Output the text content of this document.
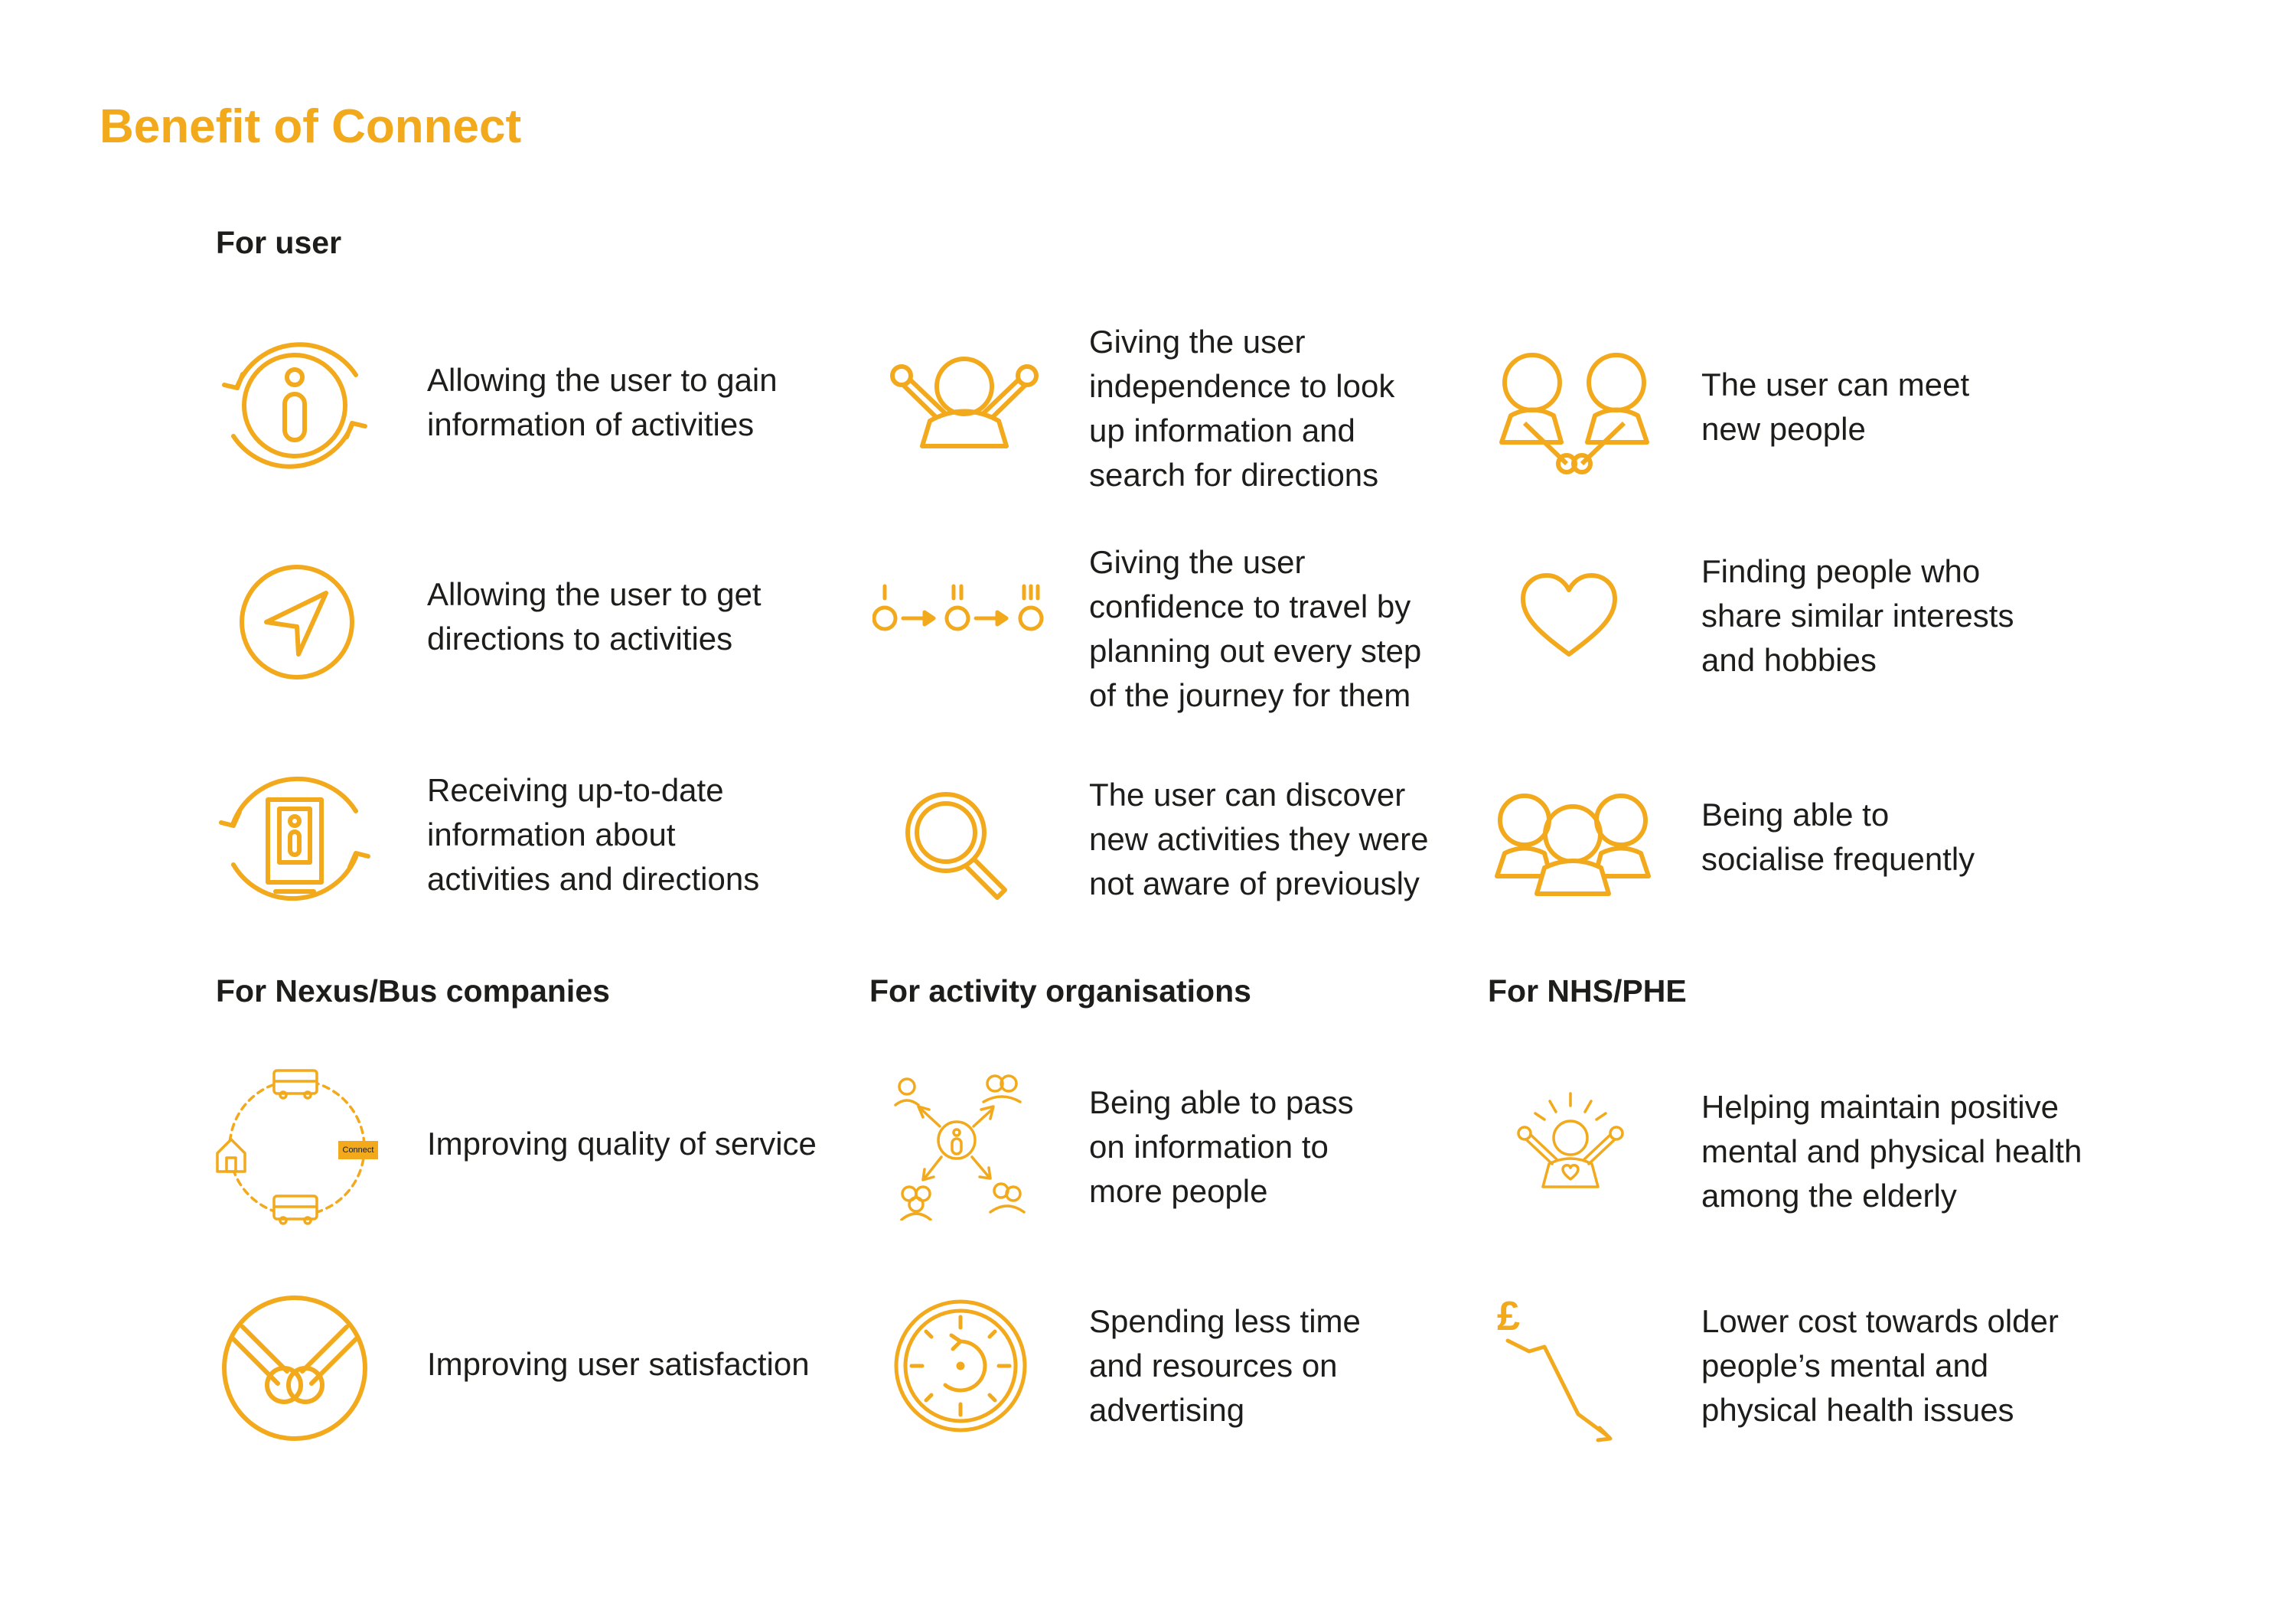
Benefit of Connect
For user
Allowing the user to gain
information of activities
Giving the user
independence to look
up information and
search for directions
The user can meet
new people
Allowing the user to get
directions to activities
Giving the user
confidence to travel by
planning out every step
of the journey for them
Finding people who
share similar interests
and hobbies
Receiving up-to-date
information about
activities and directions
The user can discover
new activities they were
not aware of previously
Being able to
socialise frequently
For Nexus/Bus companies	For activity organisations	For NHS/PHE
Connect Improving quality of service
Improving user satisfaction
Being able to pass
on information to
more people
Spending less time
and resources on
advertising
Helping maintain positive
mental and physical health
among the elderly
£	Lower cost towards older
people’s mental and
physical health issues
